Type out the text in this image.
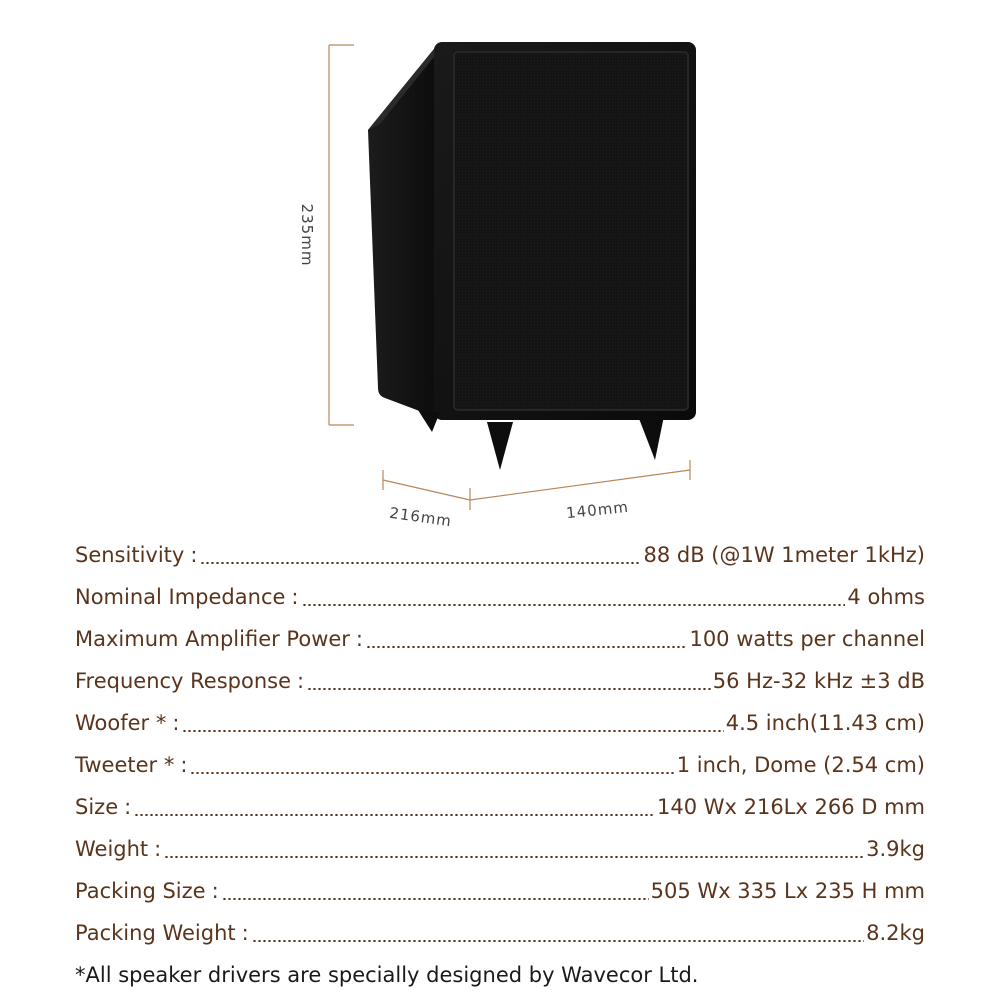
235mm
216mm	140mm
Sensitivity :	88 dB (@1W 1meter 1kHz)
Nominal Impedance :	4 ohms
Maximum Amplifier Power :	100 watts per channel
Frequency Response :	56 Hz-32 kHz ±3 dB
Woofer * :	4.5 inch(11.43 cm)
Tweeter * :	1 inch, Dome (2.54 cm)
Size :	140 Wx 216Lx 266 D mm
Weight :	3.9kg
Packing Size :	505 Wx 335 Lx 235 H mm
Packing Weight :	8.2kg
*All speaker drivers are specially designed by Wavecor Ltd.
